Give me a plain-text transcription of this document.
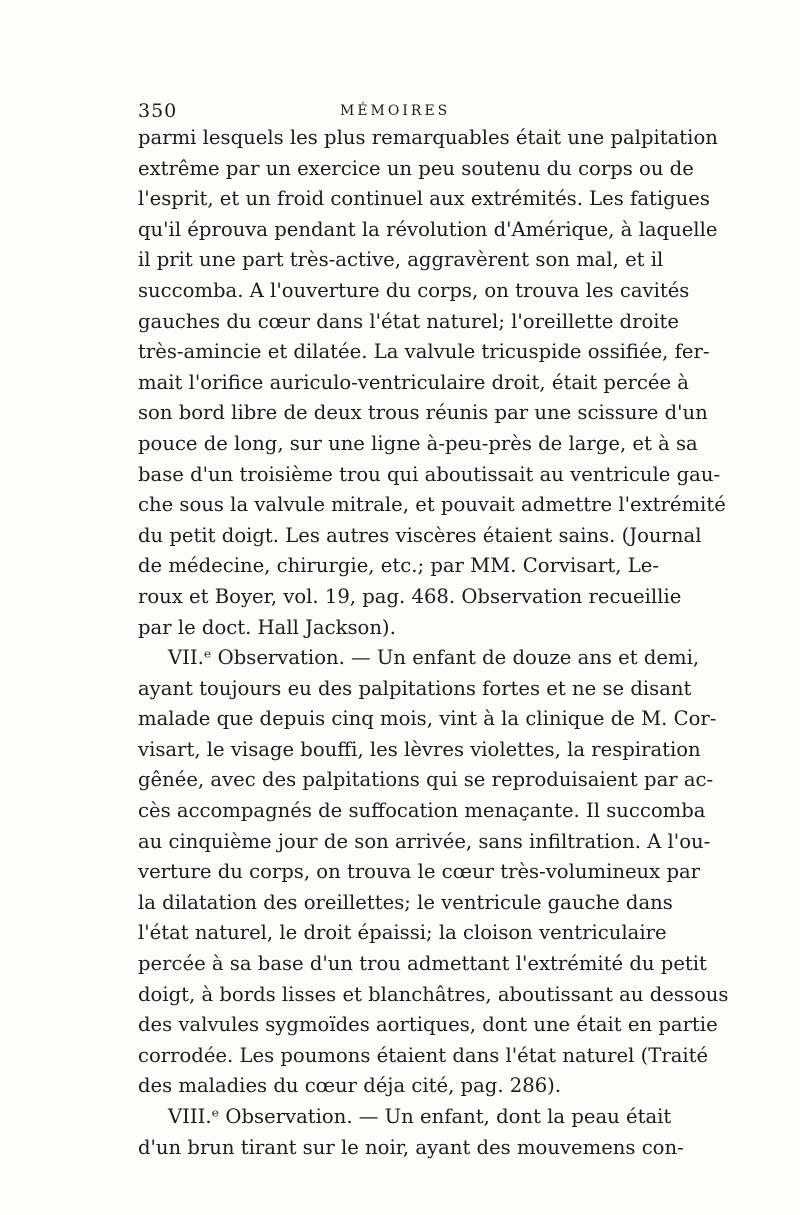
350	MÉMOIRES
parmi lesquels les plus remarquables était une palpitation
extrême par un exercice un peu soutenu du corps ou de
l'esprit, et un froid continuel aux extrémités. Les fatigues
qu'il éprouva pendant la révolution d'Amérique, à laquelle
il prit une part très-active, aggravèrent son mal, et il
succomba. A l'ouverture du corps, on trouva les cavités
gauches du cœur dans l'état naturel; l'oreillette droite
très-amincie et dilatée. La valvule tricuspide ossifiée, fer-
mait l'orifice auriculo-ventriculaire droit, était percée à
son bord libre de deux trous réunis par une scissure d'un
pouce de long, sur une ligne à-peu-près de large, et à sa
base d'un troisième trou qui aboutissait au ventricule gau-
che sous la valvule mitrale, et pouvait admettre l'extrémité
du petit doigt. Les autres viscères étaient sains. (Journal
de médecine, chirurgie, etc.; par MM. Corvisart, Le-
roux et Boyer, vol. 19, pag. 468. Observation recueillie
par le doct. Hall Jackson).
VII.ᵉ Observation. — Un enfant de douze ans et demi,
ayant toujours eu des palpitations fortes et ne se disant
malade que depuis cinq mois, vint à la clinique de M. Cor-
visart, le visage bouffi, les lèvres violettes, la respiration
gênée, avec des palpitations qui se reproduisaient par ac-
cès accompagnés de suffocation menaçante. Il succomba
au cinquième jour de son arrivée, sans infiltration. A l'ou-
verture du corps, on trouva le cœur très-volumineux par
la dilatation des oreillettes; le ventricule gauche dans
l'état naturel, le droit épaissi; la cloison ventriculaire
percée à sa base d'un trou admettant l'extrémité du petit
doigt, à bords lisses et blanchâtres, aboutissant au dessous
des valvules sygmoïdes aortiques, dont une était en partie
corrodée. Les poumons étaient dans l'état naturel (Traité
des maladies du cœur déja cité, pag. 286).
VIII.ᵉ Observation. — Un enfant, dont la peau était
d'un brun tirant sur le noir, ayant des mouvemens con-
